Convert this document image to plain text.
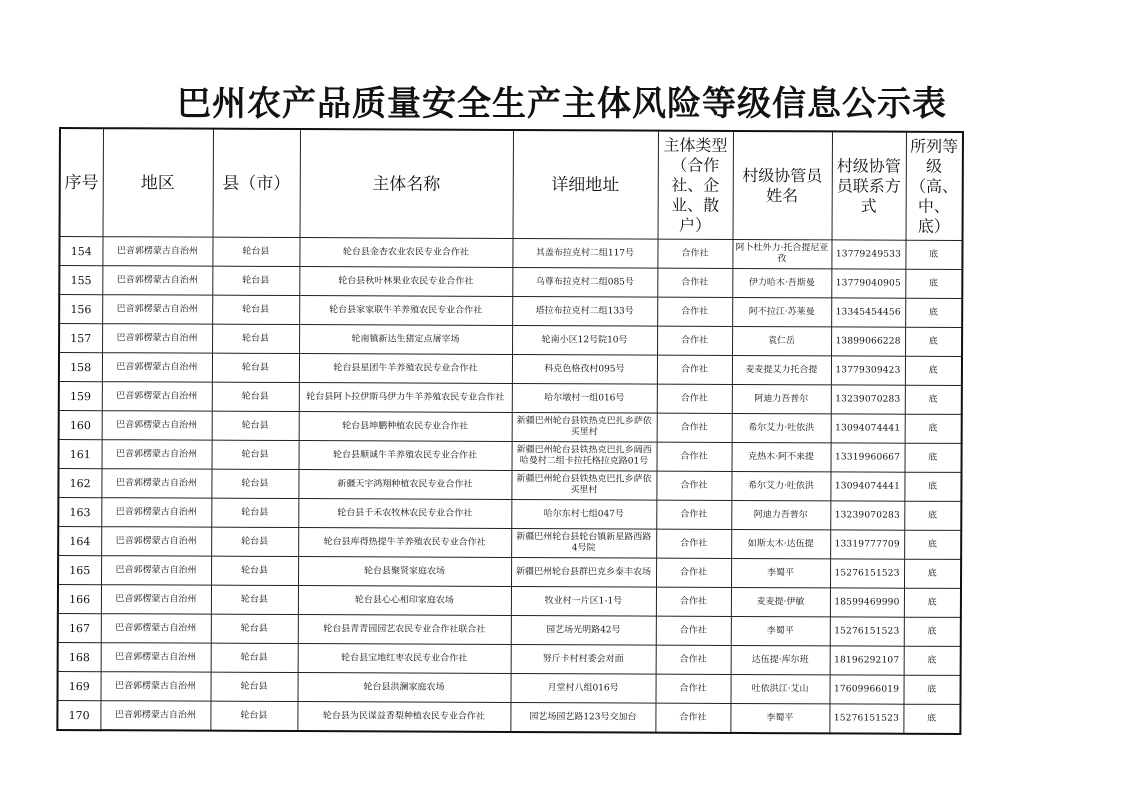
巴州农产品质量安全生产主体风险等级信息公示表
序号	地区	县（市）	主体名称	详细地址	主体类型（合作社、企业、散户）	村级协管员姓名	村级协管员联系方式	所列等级（高、中、底）
154	巴音郭楞蒙古自治州	轮台县	轮台县金杏农业农民专业合作社	其盖布拉克村二组117号	合作社	阿卜杜外力·托合提尼亚孜	13779249533	底
155	巴音郭楞蒙古自治州	轮台县	轮台县秋叶林果业农民专业合作社	乌尊布拉克村二组085号	合作社	伊力哈木·吾斯曼	13779040905	底
156	巴音郭楞蒙古自治州	轮台县	轮台县家家联牛羊养殖农民专业合作社	塔拉布拉克村二组133号	合作社	阿不拉江·苏莱曼	13345454456	底
157	巴音郭楞蒙古自治州	轮台县	轮南镇新达生猪定点屠宰场	轮南小区12号院10号	合作社	袁仁岳	13899066228	底
158	巴音郭楞蒙古自治州	轮台县	轮台县星团牛羊养殖农民专业合作社	科克色格孜村095号	合作社	麦麦提艾力托合提	13779309423	底
159	巴音郭楞蒙古自治州	轮台县	轮台县阿卜拉伊斯马伊力牛羊养殖农民专业合作社	哈尔墩村一组016号	合作社	阿迪力吾普尔	13239070283	底
160	巴音郭楞蒙古自治州	轮台县	轮台县坤鹏种植农民专业合作社	新疆巴州轮台县铁热克巴扎乡萨依买里村	合作社	希尔艾力·吐依洪	13094074441	底
161	巴音郭楞蒙古自治州	轮台县	轮台县顺诚牛羊养殖农民专业合作社	新疆巴州轮台县铁热克巴扎乡阔西哈曼村二组卡拉托格拉克路01号	合作社	克热木·阿不来提	13319960667	底
162	巴音郭楞蒙古自治州	轮台县	新疆天宇鸿翔种植农民专业合作社	新疆巴州轮台县铁热克巴扎乡萨依买里村	合作社	希尔艾力·吐依洪	13094074441	底
163	巴音郭楞蒙古自治州	轮台县	轮台县千禾农牧林农民专业合作社	哈尔东村七组047号	合作社	阿迪力吾普尔	13239070283	底
164	巴音郭楞蒙古自治州	轮台县	轮台县库得热提牛羊养殖农民专业合作社	新疆巴州轮台县轮台镇新星路西路4号院	合作社	如斯太木·达伍提	13319777709	底
165	巴音郭楞蒙古自治州	轮台县	轮台县聚贤家庭农场	新疆巴州轮台县群巴克乡泰丰农场	合作社	李蜀平	15276151523	底
166	巴音郭楞蒙古自治州	轮台县	轮台县心心相印家庭农场	牧业村一片区1-1号	合作社	麦麦提·伊敏	18599469990	底
167	巴音郭楞蒙古自治州	轮台县	轮台县青青园园艺农民专业合作社联合社	园艺场光明路42号	合作社	李蜀平	15276151523	底
168	巴音郭楞蒙古自治州	轮台县	轮台县宝地红枣农民专业合作社	努斤卡村村委会对面	合作社	达伍提·库尔班	18196292107	底
169	巴音郭楞蒙古自治州	轮台县	轮台县洪澜家庭农场	月堂村八组016号	合作社	吐依洪江·艾山	17609966019	底
170	巴音郭楞蒙古自治州	轮台县	轮台县为民谋益香梨种植农民专业合作社	园艺场园艺路123号交加台	合作社	李蜀平	15276151523	底
